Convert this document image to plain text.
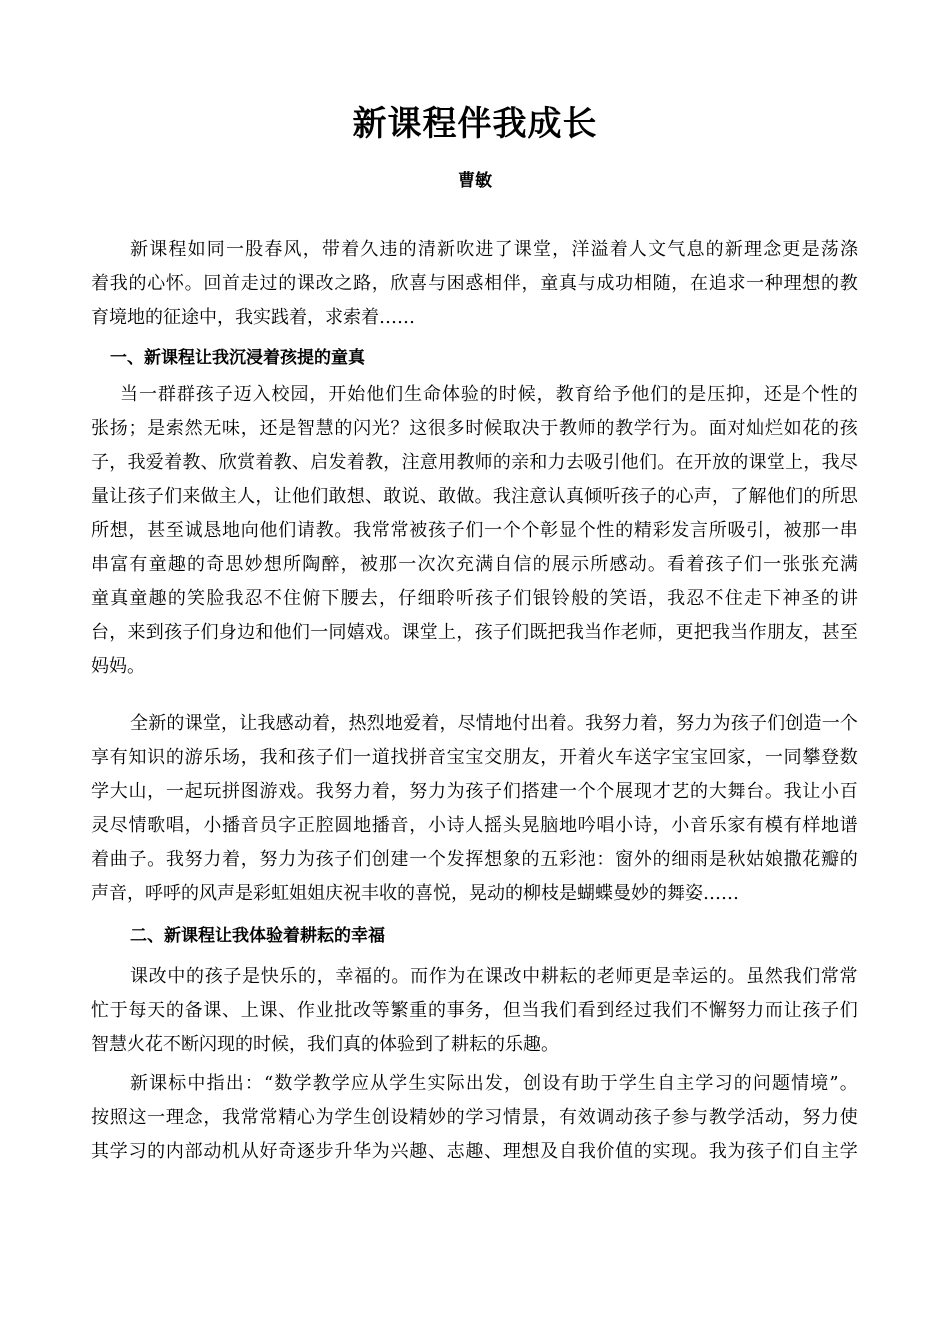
新课程伴我成长
曹敏
新 课 程 如 同 一 股 春 风 ， 带 着 久 违 的 清 新 吹 进 了 课 堂 ， 洋 溢 着 人 文 气 息 的 新 理 念 更 是 荡 涤
着 我 的 心 怀 。 回 首 走 过 的 课 改 之 路 ， 欣 喜 与 困 惑 相 伴 ， 童 真 与 成 功 相 随 ， 在 追 求 一 种 理 想 的 教
育境地的征途中，我实践着，求索着……
一、新课程让我沉浸着孩提的童真
当 一 群 群 孩 子 迈 入 校 园 ， 开 始 他 们 生 命 体 验 的 时 候 ， 教 育 给 予 他 们 的 是 压 抑 ， 还 是 个 性 的
张 扬 ； 是 索 然 无 味 ， 还 是 智 慧 的 闪 光 ？ 这 很 多 时 候 取 决 于 教 师 的 教 学 行 为 。 面 对 灿 烂 如 花 的 孩
子 ， 我 爱 着 教 、 欣 赏 着 教 、 启 发 着 教 ， 注 意 用 教 师 的 亲 和 力 去 吸 引 他 们 。 在 开 放 的 课 堂 上 ， 我 尽
量 让 孩 子 们 来 做 主 人 ， 让 他 们 敢 想 、 敢 说 、 敢 做 。 我 注 意 认 真 倾 听 孩 子 的 心 声 ， 了 解 他 们 的 所 思
所 想 ， 甚 至 诚 恳 地 向 他 们 请 教 。 我 常 常 被 孩 子 们 一 个 个 彰 显 个 性 的 精 彩 发 言 所 吸 引 ， 被 那 一 串
串 富 有 童 趣 的 奇 思 妙 想 所 陶 醉 ， 被 那 一 次 次 充 满 自 信 的 展 示 所 感 动 。 看 着 孩 子 们 一 张 张 充 满
童 真 童 趣 的 笑 脸 我 忍 不 住 俯 下 腰 去 ， 仔 细 聆 听 孩 子 们 银 铃 般 的 笑 语 ， 我 忍 不 住 走 下 神 圣 的 讲
台 ， 来 到 孩 子 们 身 边 和 他 们 一 同 嬉 戏 。 课 堂 上 ， 孩 子 们 既 把 我 当 作 老 师 ， 更 把 我 当 作 朋 友 ， 甚 至
妈妈。
全 新 的 课 堂 ， 让 我 感 动 着 ， 热 烈 地 爱 着 ， 尽 情 地 付 出 着 。 我 努 力 着 ， 努 力 为 孩 子 们 创 造 一 个
享 有 知 识 的 游 乐 场 ， 我 和 孩 子 们 一 道 找 拼 音 宝 宝 交 朋 友 ， 开 着 火 车 送 字 宝 宝 回 家 ， 一 同 攀 登 数
学 大 山 ， 一 起 玩 拼 图 游 戏 。 我 努 力 着 ， 努 力 为 孩 子 们 搭 建 一 个 个 展 现 才 艺 的 大 舞 台 。 我 让 小 百
灵 尽 情 歌 唱 ， 小 播 音 员 字 正 腔 圆 地 播 音 ， 小 诗 人 摇 头 晃 脑 地 吟 唱 小 诗 ， 小 音 乐 家 有 模 有 样 地 谱
着 曲 子 。 我 努 力 着 ， 努 力 为 孩 子 们 创 建 一 个 发 挥 想 象 的 五 彩 池 ： 窗 外 的 细 雨 是 秋 姑 娘 撒 花 瓣 的
声音，呼呼的风声是彩虹姐姐庆祝丰收的喜悦，晃动的柳枝是蝴蝶曼妙的舞姿……
二、新课程让我体验着耕耘的幸福
课 改 中 的 孩 子 是 快 乐 的 ， 幸 福 的 。 而 作 为 在 课 改 中 耕 耘 的 老 师 更 是 幸 运 的 。 虽 然 我 们 常 常
忙 于 每 天 的 备 课 、 上 课 、 作 业 批 改 等 繁 重 的 事 务 ， 但 当 我 们 看 到 经 过 我 们 不 懈 努 力 而 让 孩 子 们
智慧火花不断闪现的时候，我们真的体验到了耕耘的乐趣。
新 课 标 中 指 出 ： “ 数 学 教 学 应 从 学 生 实 际 出 发 ， 创 设 有 助 于 学 生 自 主 学 习 的 问 题 情 境 ” 。
按 照 这 一 理 念 ， 我 常 常 精 心 为 学 生 创 设 精 妙 的 学 习 情 景 ， 有 效 调 动 孩 子 参 与 教 学 活 动 ， 努 力 使
其 学 习 的 内 部 动 机 从 好 奇 逐 步 升 华 为 兴 趣 、 志 趣 、 理 想 及 自 我 价 值 的 实 现 。 我 为 孩 子 们 自 主 学
